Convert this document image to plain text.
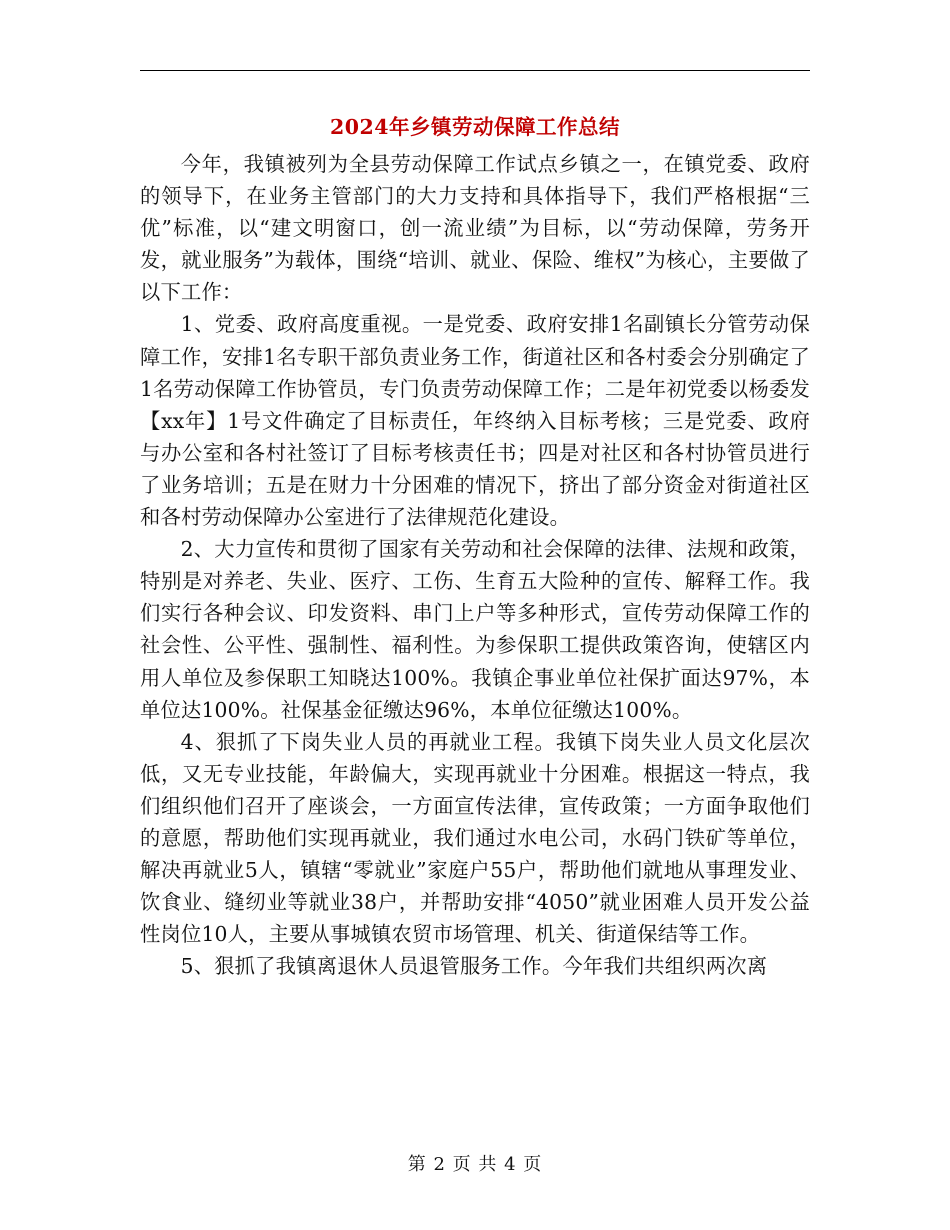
2024年乡镇劳动保障工作总结

今年，我镇被列为全县劳动保障工作试点乡镇之一，在镇党委、政府的领导下，在业务主管部门的大力支持和具体指导下，我们严格根据“三优”标准，以“建文明窗口，创一流业绩”为目标，以“劳动保障，劳务开发，就业服务”为载体，围绕“培训、就业、保险、维权”为核心，主要做了以下工作：

1、党委、政府高度重视。一是党委、政府安排1名副镇长分管劳动保障工作，安排1名专职干部负责业务工作，街道社区和各村委会分别确定了1名劳动保障工作协管员，专门负责劳动保障工作；二是年初党委以杨委发【xx年】1号文件确定了目标责任，年终纳入目标考核；三是党委、政府与办公室和各村社签订了目标考核责任书；四是对社区和各村协管员进行了业务培训；五是在财力十分困难的情况下，挤出了部分资金对街道社区和各村劳动保障办公室进行了法律规范化建设。

2、大力宣传和贯彻了国家有关劳动和社会保障的法律、法规和政策，特别是对养老、失业、医疗、工伤、生育五大险种的宣传、解释工作。我们实行各种会议、印发资料、串门上户等多种形式，宣传劳动保障工作的社会性、公平性、强制性、福利性。为参保职工提供政策咨询，使辖区内用人单位及参保职工知晓达100%。我镇企事业单位社保扩面达97%，本单位达100%。社保基金征缴达96%，本单位征缴达100%。

4、狠抓了下岗失业人员的再就业工程。我镇下岗失业人员文化层次低，又无专业技能，年龄偏大，实现再就业十分困难。根据这一特点，我们组织他们召开了座谈会，一方面宣传法律，宣传政策；一方面争取他们的意愿，帮助他们实现再就业，我们通过水电公司，水码门铁矿等单位，解决再就业5人，镇辖“零就业”家庭户55户，帮助他们就地从事理发业、饮食业、缝纫业等就业38户，并帮助安排“4050”就业困难人员开发公益性岗位10人，主要从事城镇农贸市场管理、机关、街道保结等工作。

5、狠抓了我镇离退休人员退管服务工作。今年我们共组织两次离

第 2 页 共 4 页
